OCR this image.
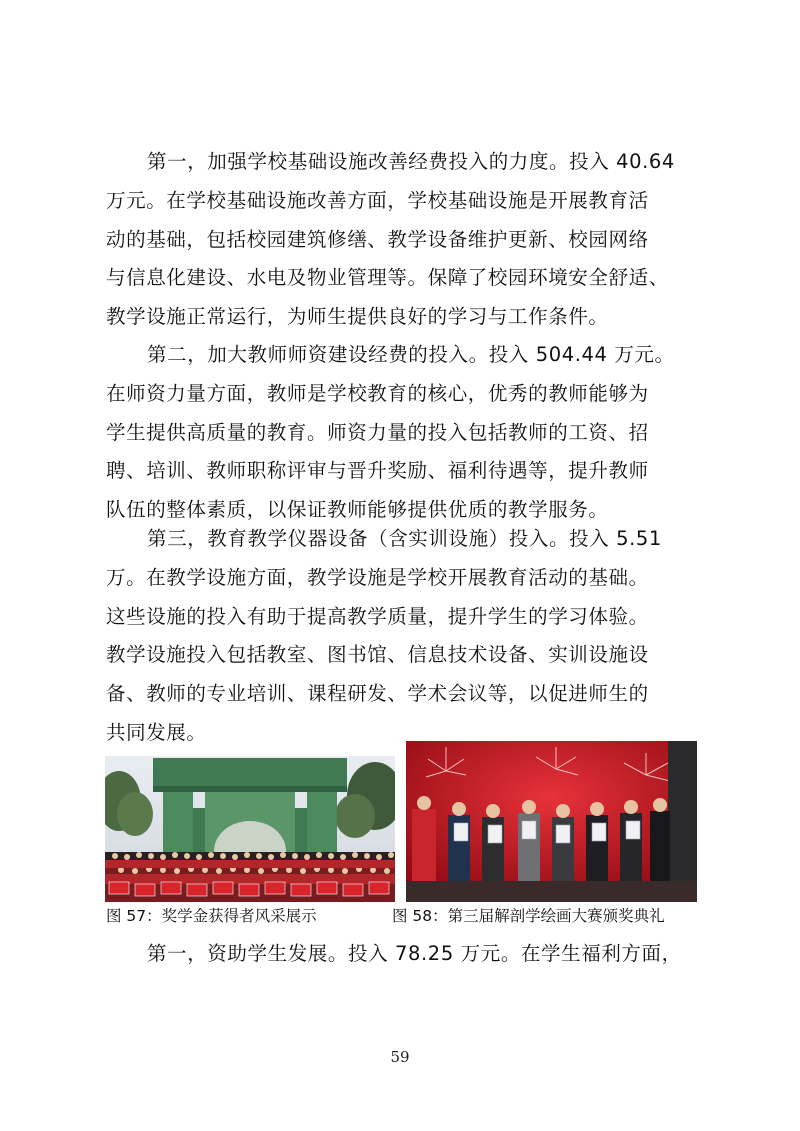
第一，加强学校基础设施改善经费投入的力度。投入 40.64
万元。在学校基础设施改善方面，学校基础设施是开展教育活
动的基础，包括校园建筑修缮、教学设备维护更新、校园网络
与信息化建设、水电及物业管理等。保障了校园环境安全舒适、
教学设施正常运行，为师生提供良好的学习与工作条件。
第二，加大教师师资建设经费的投入。投入 504.44 万元。
在师资力量方面，教师是学校教育的核心，优秀的教师能够为
学生提供高质量的教育。师资力量的投入包括教师的工资、招
聘、培训、教师职称评审与晋升奖励、福利待遇等，提升教师
队伍的整体素质，以保证教师能够提供优质的教学服务。
第三，教育教学仪器设备（含实训设施）投入。投入 5.51
万。在教学设施方面，教学设施是学校开展教育活动的基础。
这些设施的投入有助于提高教学质量，提升学生的学习体验。
教学设施投入包括教室、图书馆、信息技术设备、实训设施设
备、教师的专业培训、课程研发、学术会议等，以促进师生的
共同发展。
图 57：奖学金获得者风采展示	图 58：第三届解剖学绘画大赛颁奖典礼
第一，资助学生发展。投入 78.25 万元。在学生福利方面，
59
